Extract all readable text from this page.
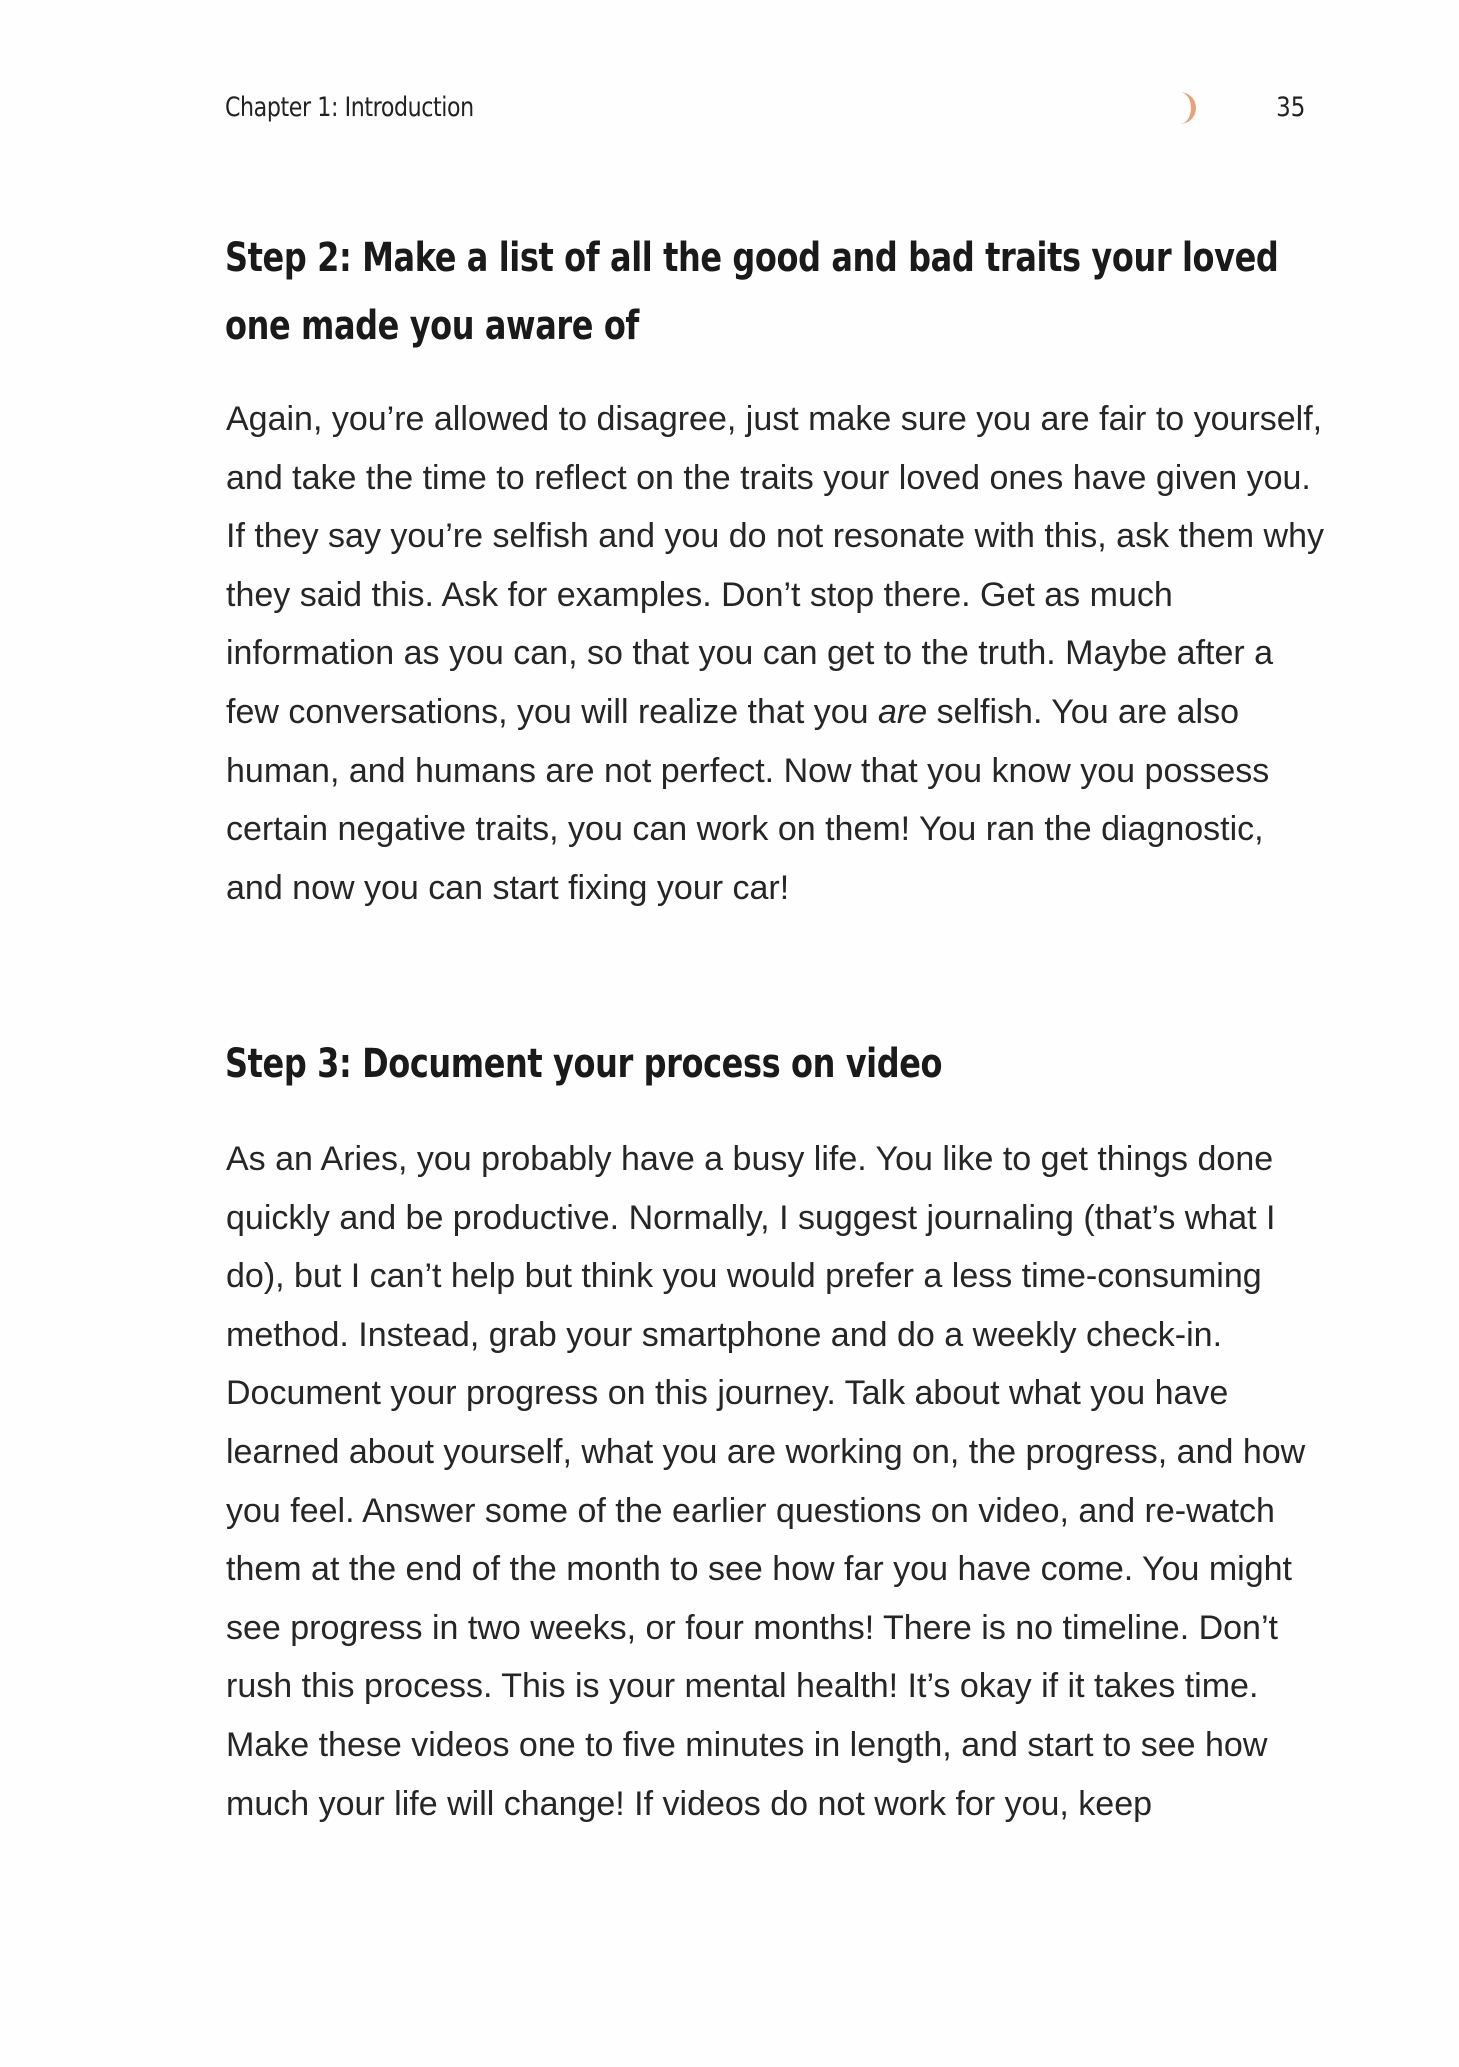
Chapter 1: Introduction	35
Step 2: Make a list of all the good and bad traits your loved one made you aware of

Again, you’re allowed to disagree, just make sure you are fair to yourself, and take the time to reflect on the traits your loved ones have given you. If they say you’re selfish and you do not resonate with this, ask them why they said this. Ask for examples. Don’t stop there. Get as much information as you can, so that you can get to the truth. Maybe after a few conversations, you will realize that you are selfish. You are also human, and humans are not perfect. Now that you know you possess certain negative traits, you can work on them! You ran the diagnostic, and now you can start fixing your car!

Step 3: Document your process on video

As an Aries, you probably have a busy life. You like to get things done quickly and be productive. Normally, I suggest journaling (that’s what I do), but I can’t help but think you would prefer a less time-consuming method. Instead, grab your smartphone and do a weekly check-in. Document your progress on this journey. Talk about what you have learned about yourself, what you are working on, the progress, and how you feel. Answer some of the earlier questions on video, and re-watch them at the end of the month to see how far you have come. You might see progress in two weeks, or four months! There is no timeline. Don’t rush this process. This is your mental health! It’s okay if it takes time. Make these videos one to five minutes in length, and start to see how much your life will change! If videos do not work for you, keep
